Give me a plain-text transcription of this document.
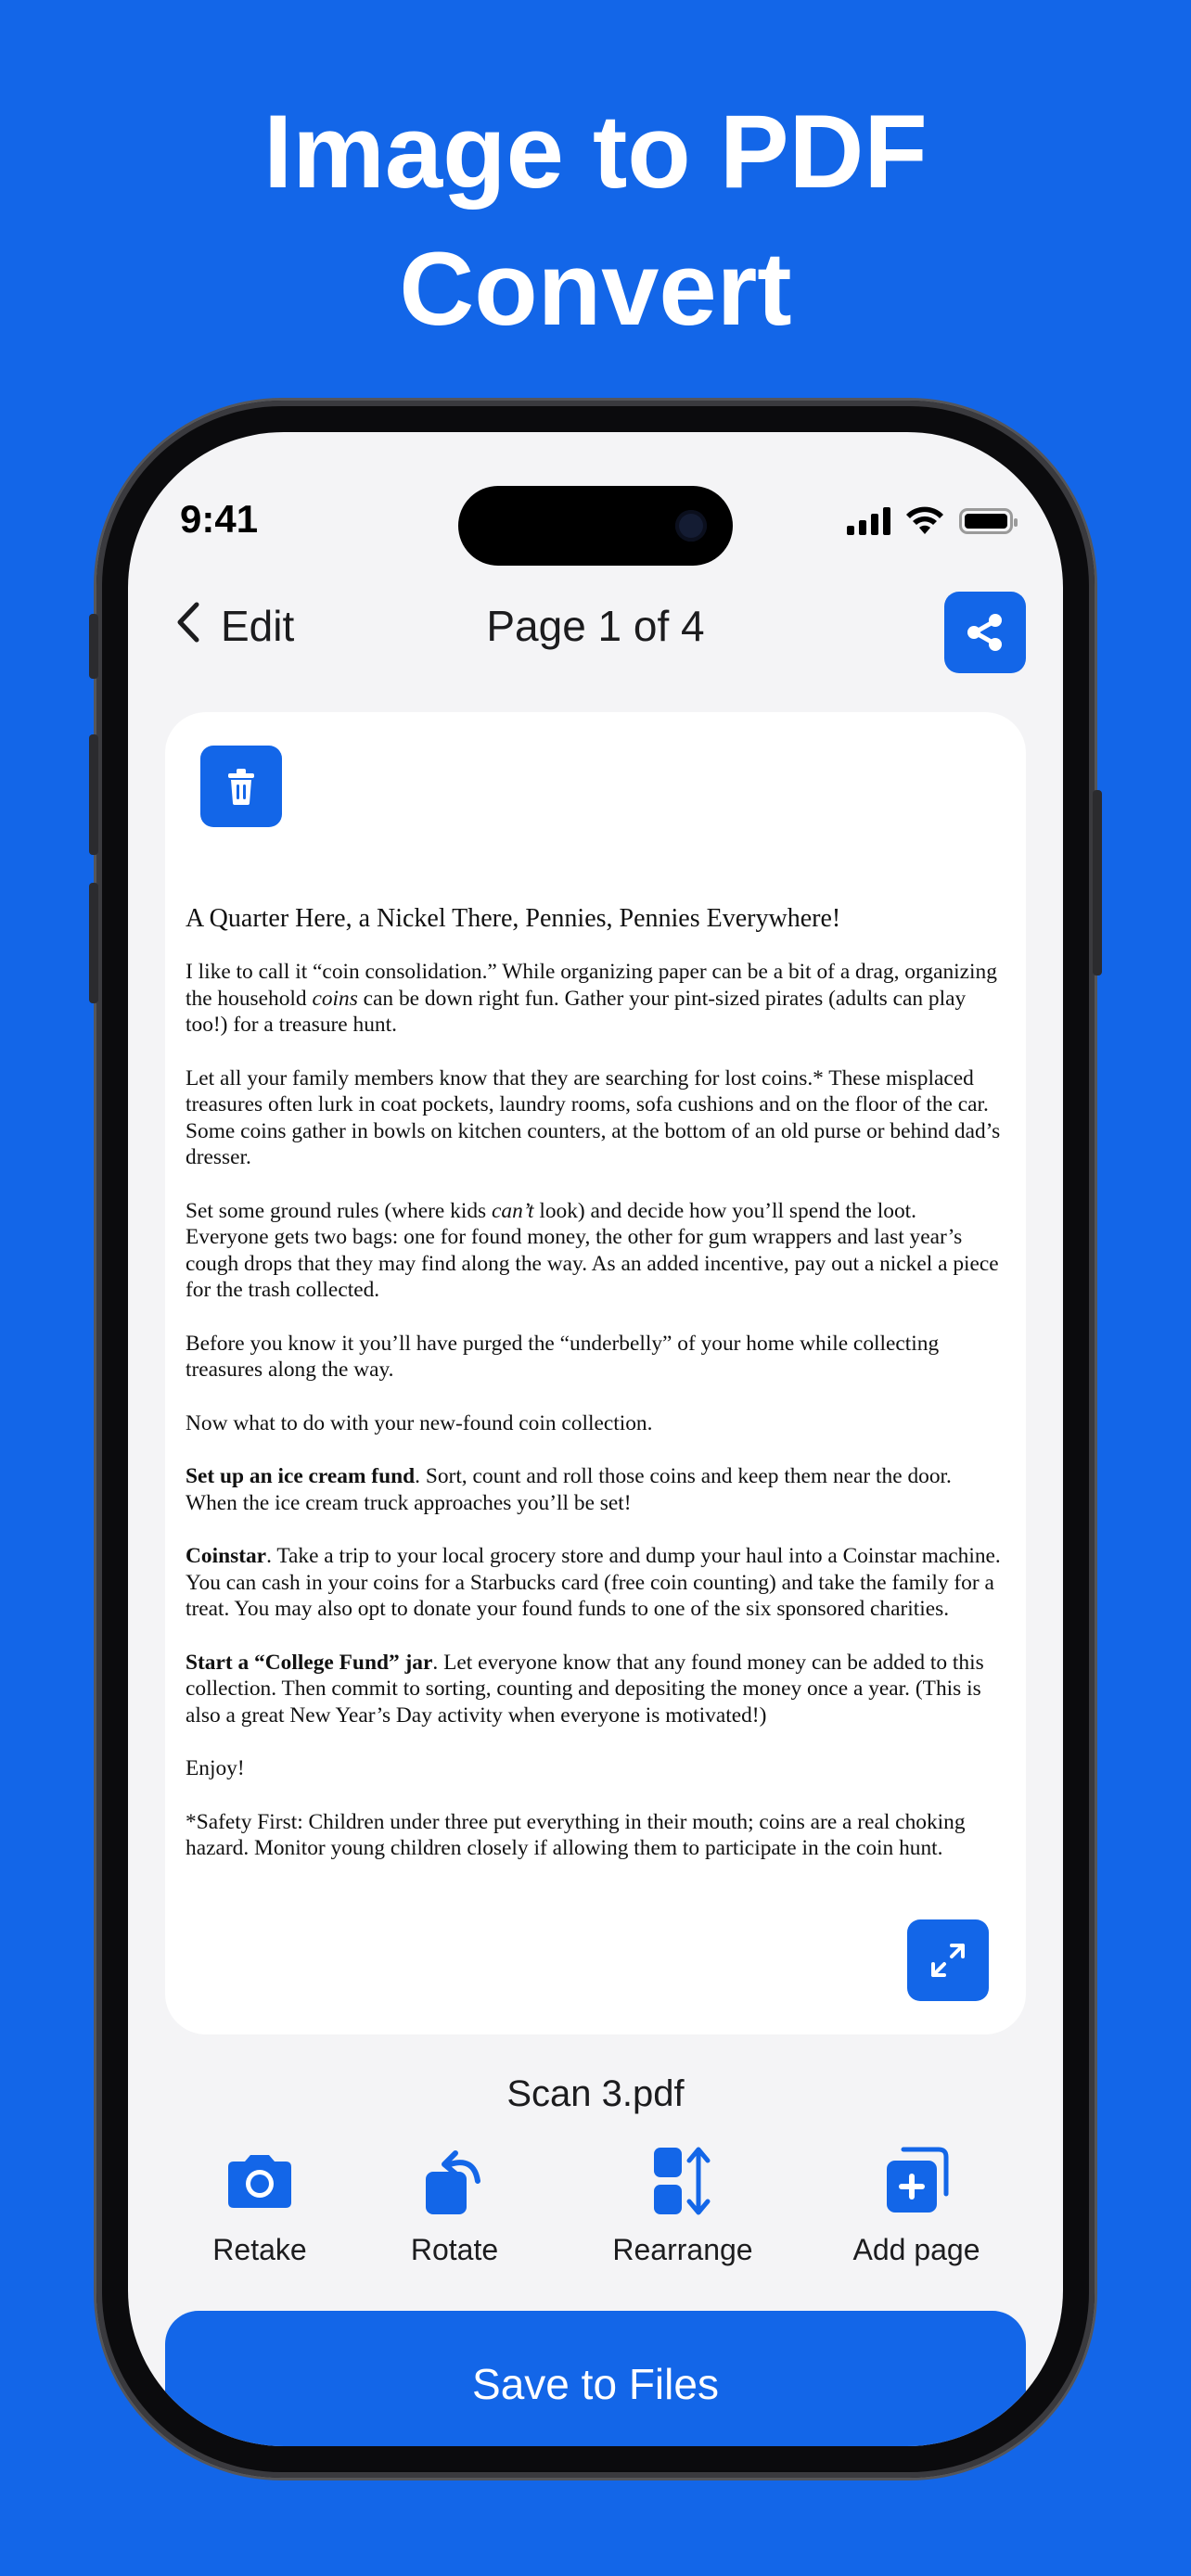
Image to PDF
Convert
9:41
Edit	Page 1 of 4
A Quarter Here, a Nickel There, Pennies, Pennies Everywhere!

I like to call it “coin consolidation.” While organizing paper can be a bit of a drag, organizing the household coins can be down right fun. Gather your pint-sized pirates (adults can play too!) for a treasure hunt.

Let all your family members know that they are searching for lost coins.* These misplaced treasures often lurk in coat pockets, laundry rooms, sofa cushions and on the floor of the car. Some coins gather in bowls on kitchen counters, at the bottom of an old purse or behind dad’s dresser.

Set some ground rules (where kids can’t look) and decide how you’ll spend the loot. Everyone gets two bags: one for found money, the other for gum wrappers and last year’s cough drops that they may find along the way. As an added incentive, pay out a nickel a piece for the trash collected.

Before you know it you’ll have purged the “underbelly” of your home while collecting treasures along the way.

Now what to do with your new-found coin collection.

Set up an ice cream fund. Sort, count and roll those coins and keep them near the door. When the ice cream truck approaches you’ll be set!

Coinstar. Take a trip to your local grocery store and dump your haul into a Coinstar machine. You can cash in your coins for a Starbucks card (free coin counting) and take the family for a treat. You may also opt to donate your found funds to one of the six sponsored charities.

Start a “College Fund” jar. Let everyone know that any found money can be added to this collection. Then commit to sorting, counting and depositing the money once a year. (This is also a great New Year’s Day activity when everyone is motivated!)

Enjoy!

*Safety First: Children under three put everything in their mouth; coins are a real choking hazard. Monitor young children closely if allowing them to participate in the coin hunt.

Scan 3.pdf
Retake	Rotate	Rearrange	Add page
Save to Files
